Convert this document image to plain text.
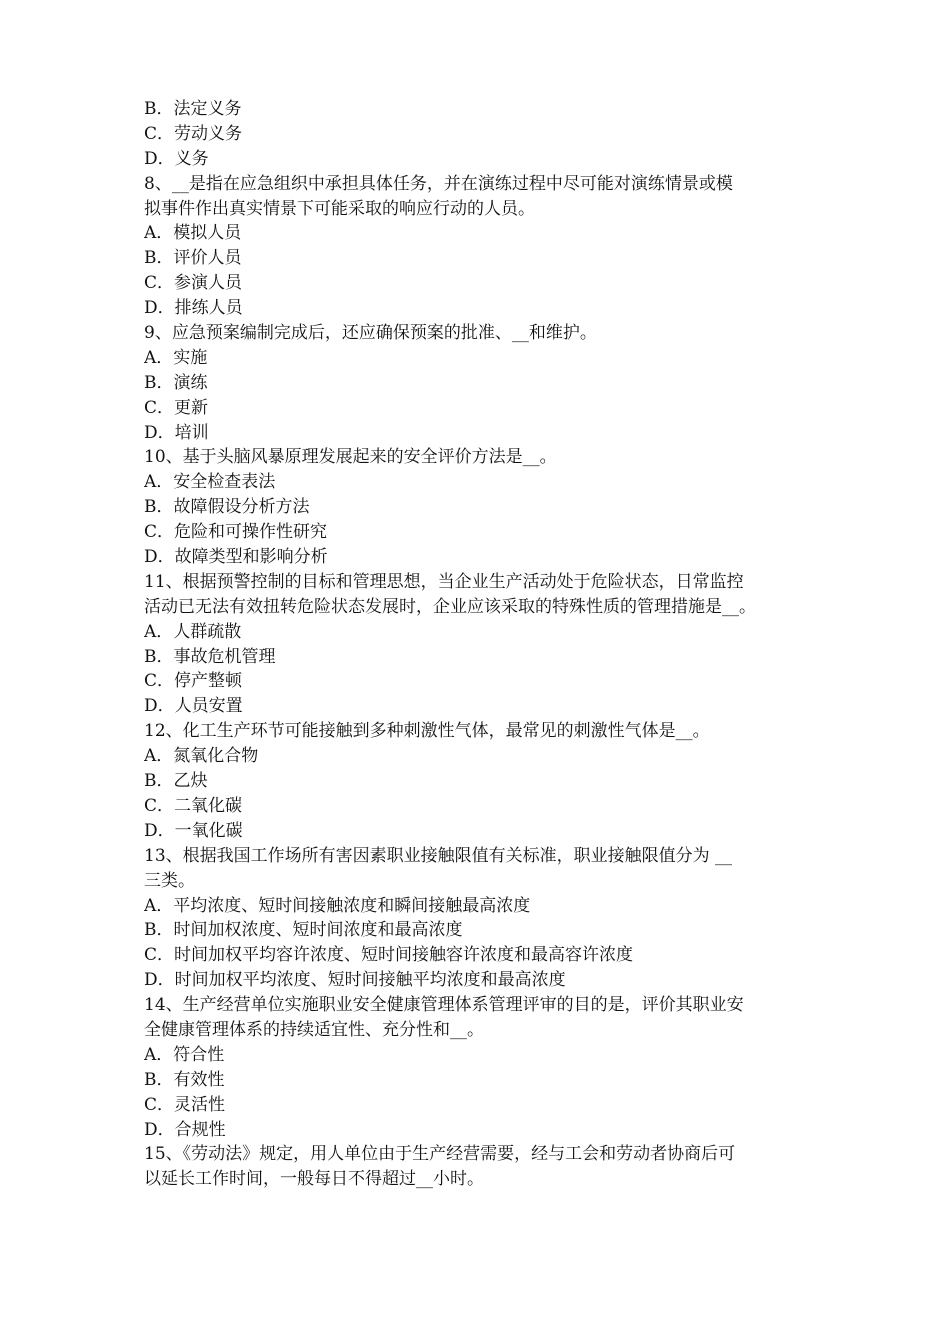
B．法定义务
C．劳动义务
D．义务
8、__是指在应急组织中承担具体任务，并在演练过程中尽可能对演练情景或模
拟事件作出真实情景下可能采取的响应行动的人员。
A．模拟人员
B．评价人员
C．参演人员
D．排练人员
9、应急预案编制完成后，还应确保预案的批准、__和维护。
A．实施
B．演练
C．更新
D．培训
10、基于头脑风暴原理发展起来的安全评价方法是__。
A．安全检查表法
B．故障假设分析方法
C．危险和可操作性研究
D．故障类型和影响分析
11、根据预警控制的目标和管理思想，当企业生产活动处于危险状态，日常监控
活动已无法有效扭转危险状态发展时，企业应该采取的特殊性质的管理措施是__。
A．人群疏散
B．事故危机管理
C．停产整顿
D．人员安置
12、化工生产环节可能接触到多种刺激性气体，最常见的刺激性气体是__。
A．氮氧化合物
B．乙炔
C．二氧化碳
D．一氧化碳
13、根据我国工作场所有害因素职业接触限值有关标准，职业接触限值分为 __
三类。
A．平均浓度、短时间接触浓度和瞬间接触最高浓度
B．时间加权浓度、短时间浓度和最高浓度
C．时间加权平均容许浓度、短时间接触容许浓度和最高容许浓度
D．时间加权平均浓度、短时间接触平均浓度和最高浓度
14、生产经营单位实施职业安全健康管理体系管理评审的目的是，评价其职业安
全健康管理体系的持续适宜性、充分性和__。
A．符合性
B．有效性
C．灵活性
D．合规性
15、《劳动法》规定，用人单位由于生产经营需要，经与工会和劳动者协商后可
以延长工作时间，一般每日不得超过__小时。
